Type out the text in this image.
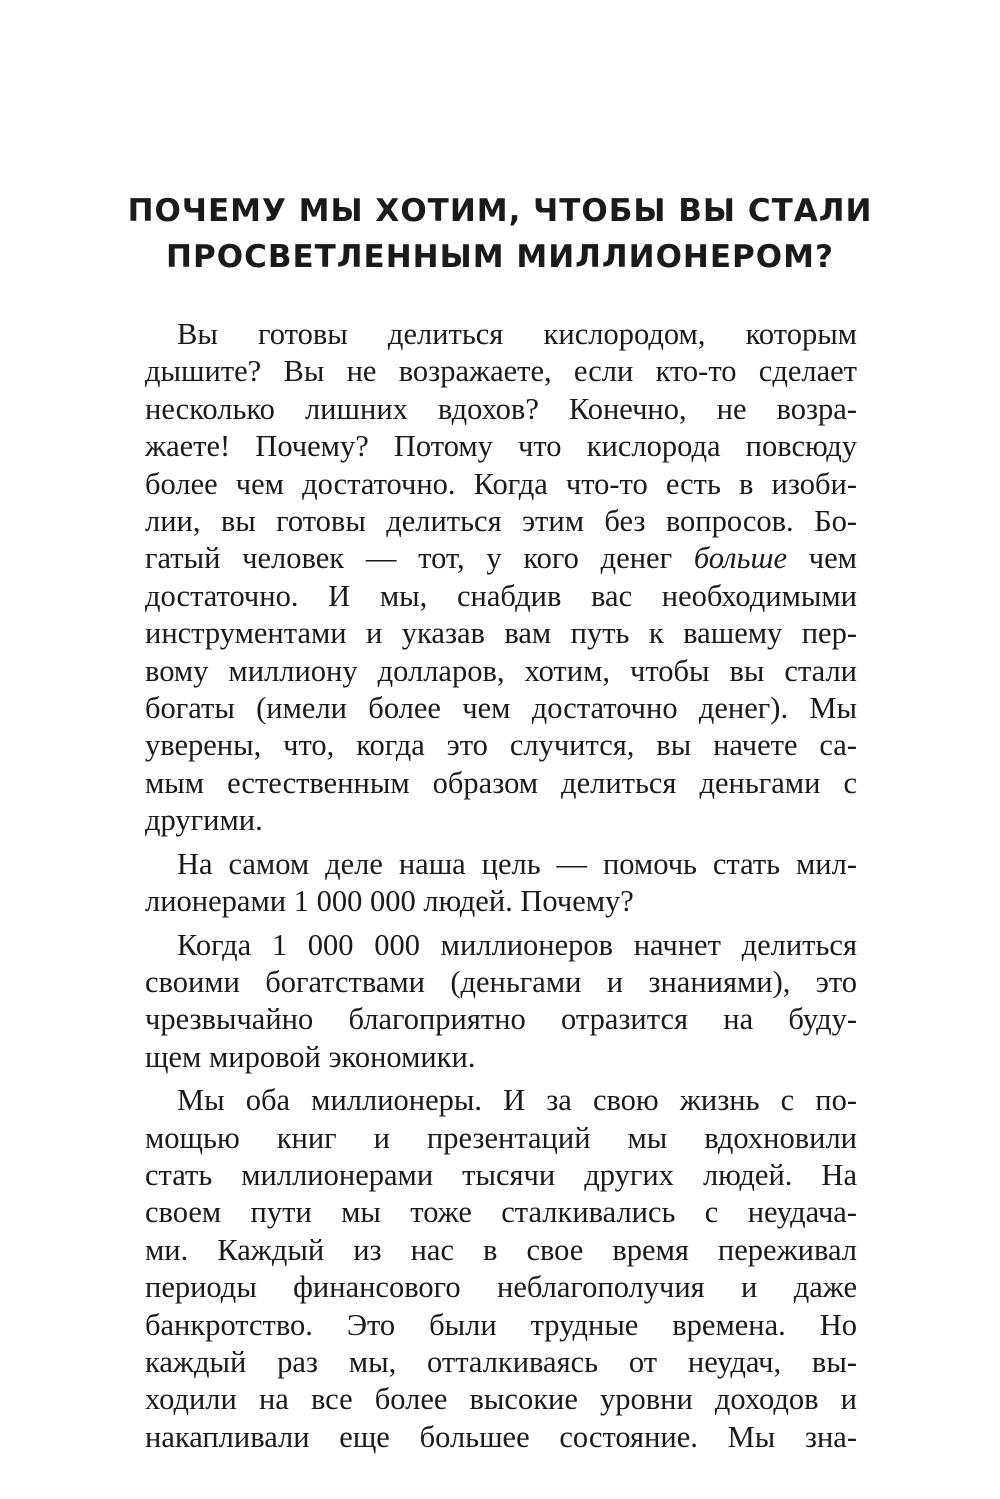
ПОЧЕМУ МЫ ХОТИМ, ЧТОБЫ ВЫ СТАЛИ
ПРОСВЕТЛЕННЫМ МИЛЛИОНЕРОМ?
Вы готовы делиться кислородом, которым
дышите? Вы не возражаете, если кто-то сделает
несколько лишних вдохов? Конечно, не возра-
жаете! Почему? Потому что кислорода повсюду
более чем достаточно. Когда что-то есть в изоби-
лии, вы готовы делиться этим без вопросов. Бо-
гатый человек — тот, у кого денег больше чем
достаточно. И мы, снабдив вас необходимыми
инструментами и указав вам путь к вашему пер-
вому миллиону долларов, хотим, чтобы вы стали
богаты (имели более чем достаточно денег). Мы
уверены, что, когда это случится, вы начете са-
мым естественным образом делиться деньгами с
другими.
На самом деле наша цель — помочь стать мил-
лионерами 1 000 000 людей. Почему?
Когда 1 000 000 миллионеров начнет делиться
своими богатствами (деньгами и знаниями), это
чрезвычайно благоприятно отразится на буду-
щем мировой экономики.
Мы оба миллионеры. И за свою жизнь с по-
мощью книг и презентаций мы вдохновили
стать миллионерами тысячи других людей. На
своем пути мы тоже сталкивались с неудача-
ми. Каждый из нас в свое время переживал
периоды финансового неблагополучия и даже
банкротство. Это были трудные времена. Но
каждый раз мы, отталкиваясь от неудач, вы-
ходили на все более высокие уровни доходов и
накапливали еще большее состояние. Мы зна-
